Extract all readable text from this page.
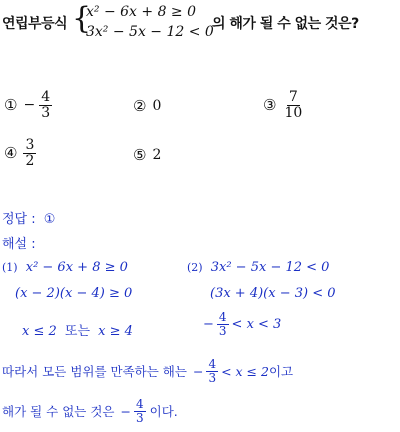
연립부등식 {
x² − 6x + 8 ≥ 0
3x² − 5x − 12 < 0
의 해가 될 수 없는 것은?
① − $\frac{4}{3}$	② 0	③ $\frac{7}{10}$
④ $\frac{3}{2}$	⑤ 2
정답 : ①
해설 :
(1) x² − 6x + 8 ≥ 0
(x − 2)(x − 4) ≥ 0
x ≤ 2 또는 x ≥ 4
(2) 3x² − 5x − 12 < 0
(3x + 4)(x − 3) < 0
− $\frac{4}{3} < x < 3$
따라서 모든 범위를 만족하는 해는 − $\frac{4}{3} < x \le 2$ 이고
해가 될 수 없는 것은 − $\frac{4}{3}$ 이다.
